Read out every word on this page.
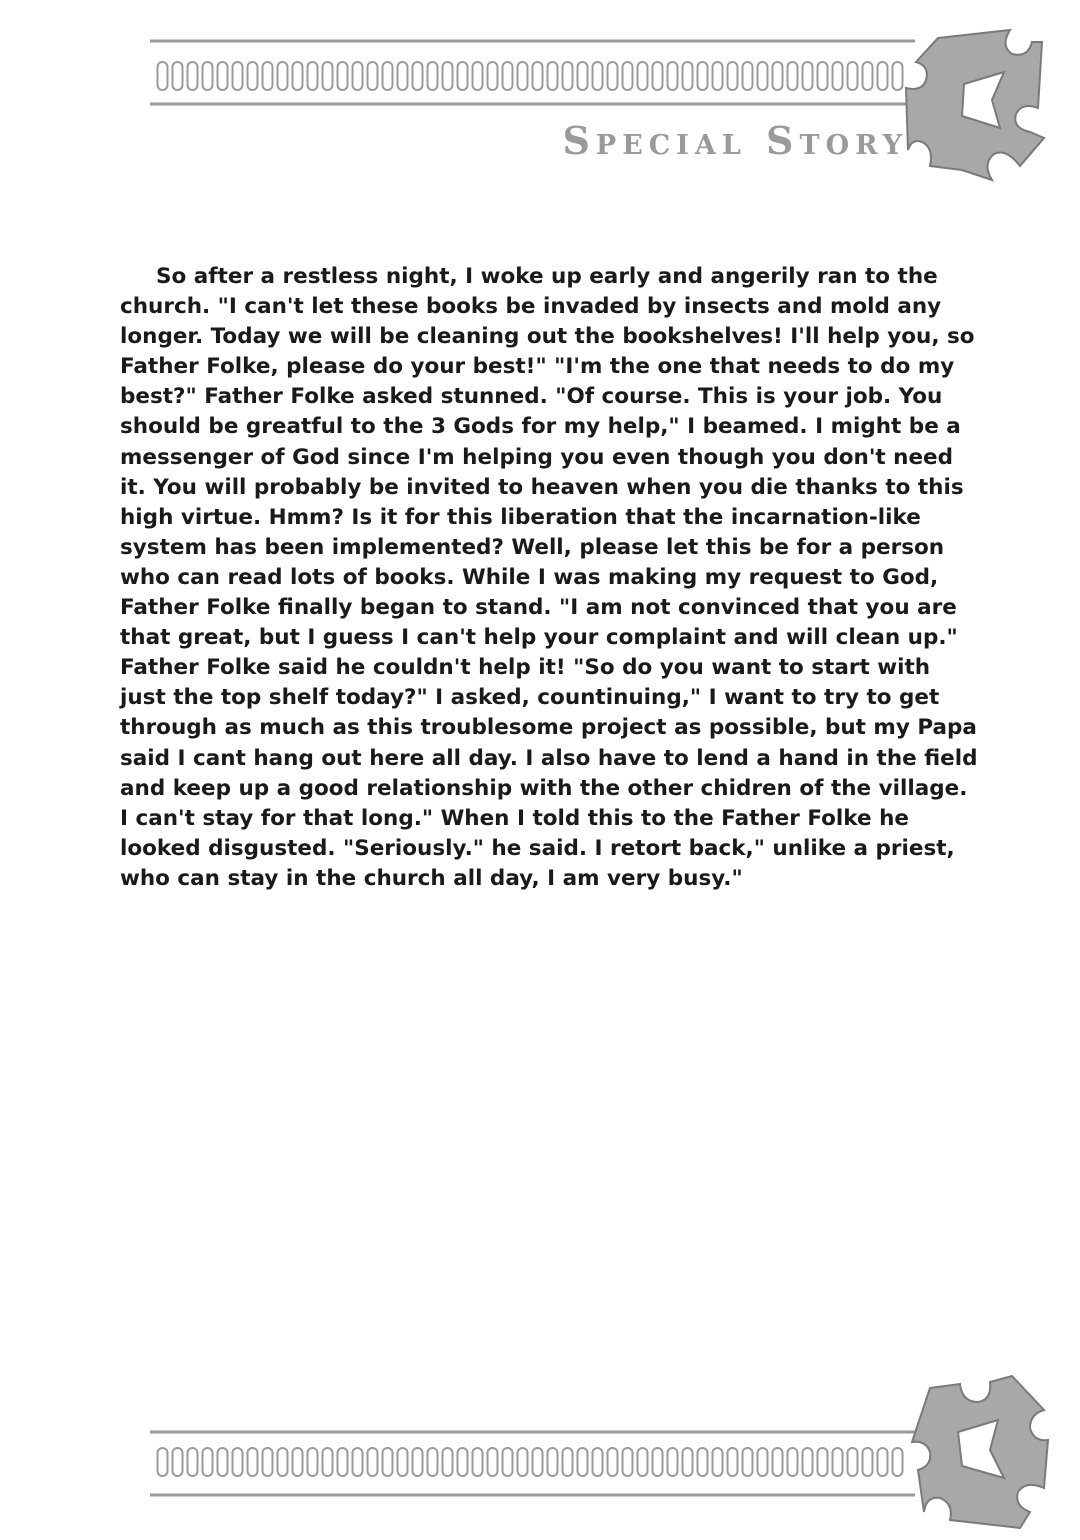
Special Story

So after a restless night, I woke up early and angerily ran to the church. "I can't let these books be invaded by insects and mold any longer. Today we will be cleaning out the bookshelves! I'll help you, so Father Folke, please do your best!" "I'm the one that needs to do my best?" Father Folke asked stunned. "Of course. This is your job. You should be greatful to the 3 Gods for my help," I beamed. I might be a messenger of God since I'm helping you even though you don't need it. You will probably be invited to heaven when you die thanks to this high virtue. Hmm? Is it for this liberation that the incarnation-like system has been implemented? Well, please let this be for a person who can read lots of books. While I was making my request to God, Father Folke finally began to stand. "I am not convinced that you are that great, but I guess I can't help your complaint and will clean up." Father Folke said he couldn't help it! "So do you want to start with just the top shelf today?" I asked, countinuing," I want to try to get through as much as this troublesome project as possible, but my Papa said I cant hang out here all day. I also have to lend a hand in the field and keep up a good relationship with the other chidren of the village. I can't stay for that long." When I told this to the Father Folke he looked disgusted. "Seriously." he said. I retort back," unlike a priest, who can stay in the church all day, I am very busy."
